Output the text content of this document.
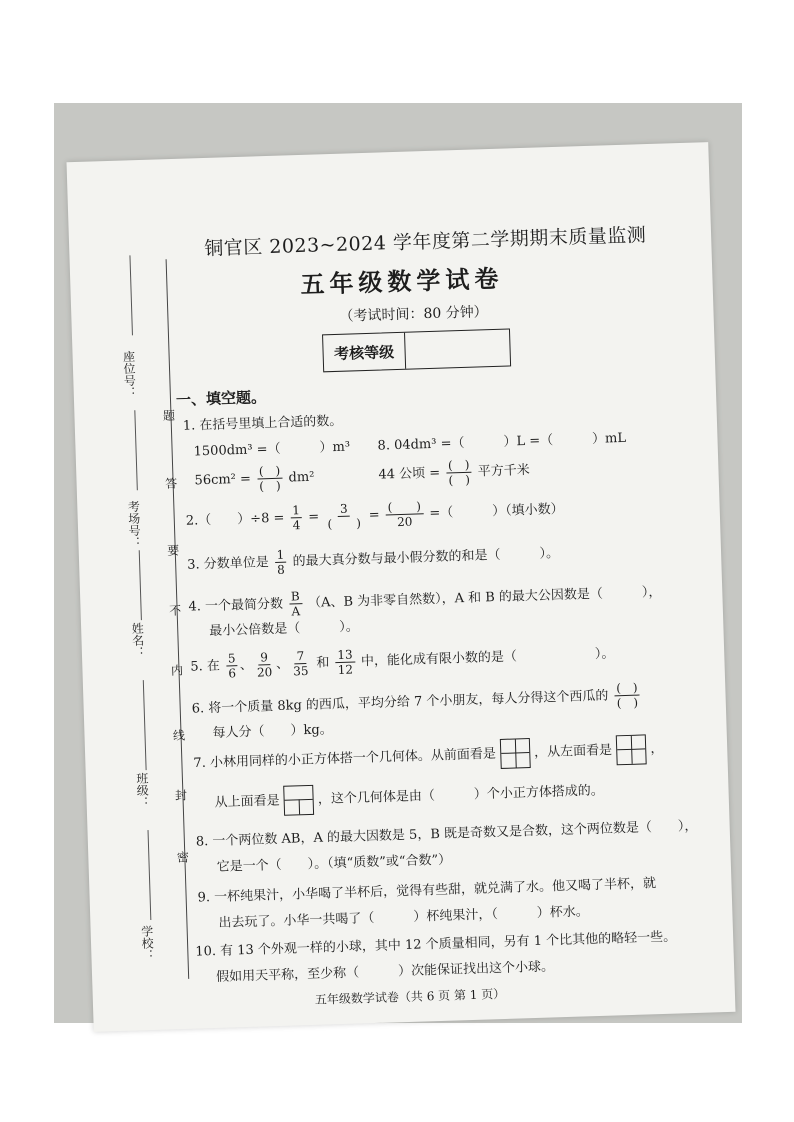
座位号：
考场号：
姓名：
班级：
学校：
题
答
要
不
内
线
封
密
铜官区 2023~2024 学年度第二学期期末质量监测
五年级数学试卷
（考试时间：80 分钟）
考核等级
一、填空题。
1. 在括号里填上合适的数。
1500dm³ =（　　　）m³ 8. 04dm³ =（　　　）L =（　　　）mL
$56cm^2 = \frac{( )}{( )} dm^2$	44 公顷 = $\frac{( )}{( )}$ 平方千米
2.（　　）$\div 8 = \frac{1}{4} = \frac{3}{( )} = \frac{( )}{20}$ =（　　　）（填小数）
3. 分数单位是 $\frac{1}{8}$ 的最大真分数与最小假分数的和是（　　　）。
4. 一个最简分数 $\frac{B}{A} (A$、B 为非零自然数），A 和 B 的最大公因数是（　　　），
最小公倍数是（　　　）。
5. 在 $\frac{5}{6}$ 、 $\frac{9}{20}$ 、 $\frac{7}{35}$ 和 $\frac{13}{12}$ 中，能化成有限小数的是（　　　　　　）。
6. 将一个质量 8kg 的西瓜，平均分给 7 个小朋友，每人分得这个西瓜的 $\frac{( )}{( )}$
每人分（　　）kg。
7. 小林用同样的小正方体搭一个几何体。从前面看是	，从左面看是	，
从上面看是	，这个几何体是由（　　　）个小正方体搭成的。
8. 一个两位数 AB，A 的最大因数是 5，B 既是奇数又是合数，这个两位数是（　　），
它是一个（　　）。（填“质数”或“合数”）
9. 一杯纯果汁，小华喝了半杯后，觉得有些甜，就兑满了水。他又喝了半杯，就
出去玩了。小华一共喝了（　　　）杯纯果汁，（　　　）杯水。
10. 有 13 个外观一样的小球，其中 12 个质量相同，另有 1 个比其他的略轻一些。
假如用天平称，至少称（　　　）次能保证找出这个小球。
五年级数学试卷（共 6 页 第 1 页）
